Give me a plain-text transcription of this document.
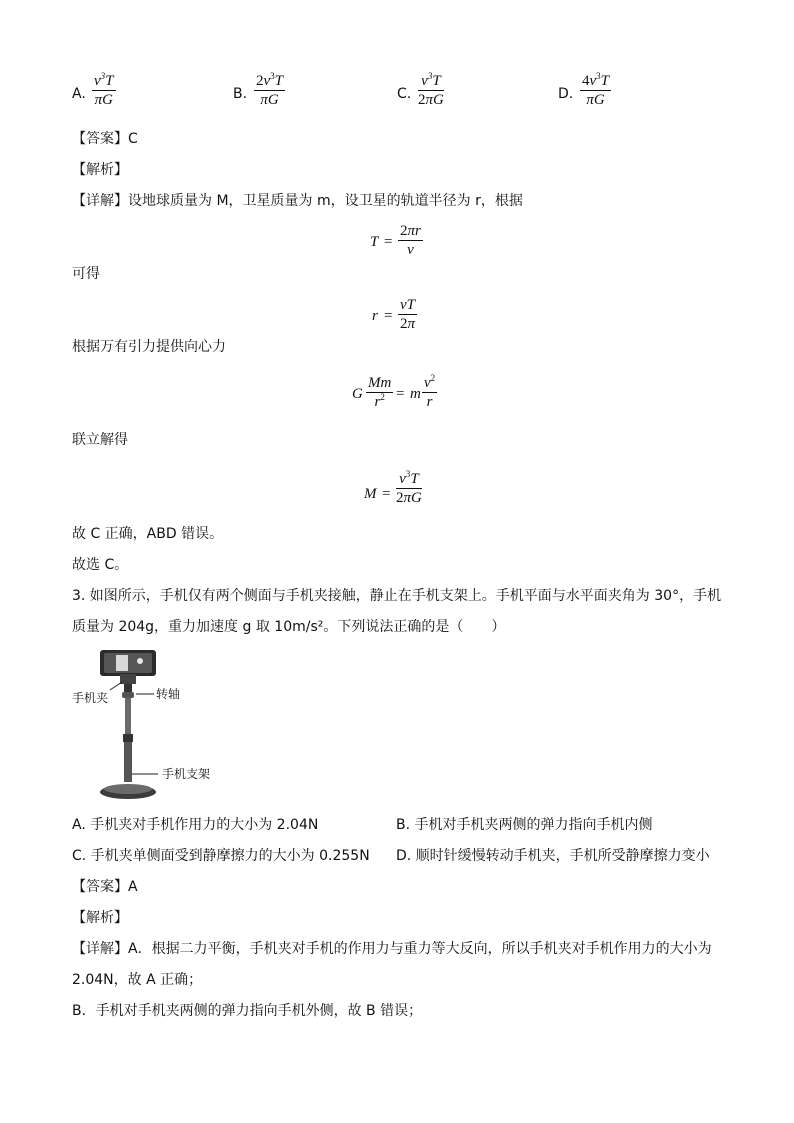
A.
$v^3T$
πG	B.
$2v^3T$
πG	C.
$v^3T$
2πG	D.
$4v^3T$
πG
【答案】C
【解析】
【详解】设地球质量为 M，卫星质量为 m，设卫星的轨道半径为 r，根据
T =
2πr
v
可得
r =
vT
2π
根据万有引力提供向心力
G
Mm
$r^2 = m$
$v^2$
r
联立解得
M =
$v^3T$
2πG
故 C 正确，ABD 错误。
故选 C。
3. 如图所示，手机仅有两个侧面与手机夹接触，静止在手机支架上。手机平面与水平面夹角为 30°，手机
质量为 204g，重力加速度 g 取 10m/s²。下列说法正确的是（　　）
手机夹	转轴
手机支架
A. 手机夹对手机作用力的大小为 2.04N	B. 手机对手机夹两侧的弹力指向手机内侧
C. 手机夹单侧面受到静摩擦力的大小为 0.255N D. 顺时针缓慢转动手机夹，手机所受静摩擦力变小
【答案】A
【解析】
【详解】A．根据二力平衡，手机夹对手机的作用力与重力等大反向，所以手机夹对手机作用力的大小为
2.04N，故 A 正确；
B．手机对手机夹两侧的弹力指向手机外侧，故 B 错误；
